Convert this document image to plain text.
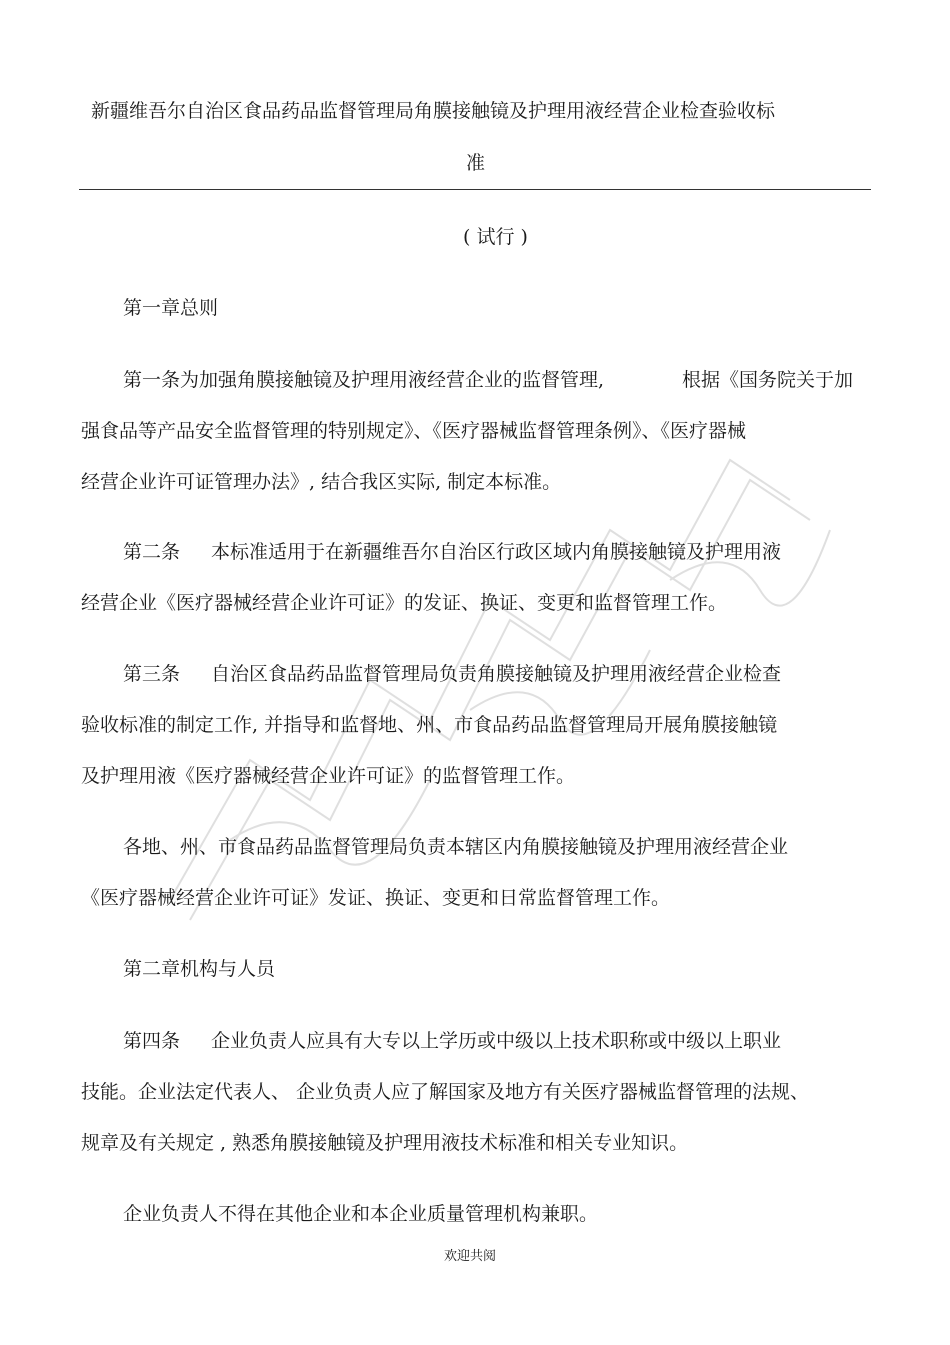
新疆维吾尔自治区食品药品监督管理局角膜接触镜及护理用液经营企业检查验收标
准
( 试行 )
第一章总则
第一条为加强角膜接触镜及护理用液经营企业的监督管理,	根据《国务院关于加
强食品等产品安全监督管理的特别规定》、《医疗器械监督管理条例》、《医疗器械
经营企业许可证管理办法》, 结合我区实际, 制定本标准。
第二条 本标准适用于在新疆维吾尔自治区行政区域内角膜接触镜及护理用液
经营企业《医疗器械经营企业许可证》的发证、换证、变更和监督管理工作。
第三条 自治区食品药品监督管理局负责角膜接触镜及护理用液经营企业检查
验收标准的制定工作, 并指导和监督地、州、市食品药品监督管理局开展角膜接触镜
及护理用液《医疗器械经营企业许可证》的监督管理工作。
各地、州、市食品药品监督管理局负责本辖区内角膜接触镜及护理用液经营企业
《医疗器械经营企业许可证》发证、换证、变更和日常监督管理工作。
第二章机构与人员
第四条 企业负责人应具有大专以上学历或中级以上技术职称或中级以上职业
技能。企业法定代表人、 企业负责人应了解国家及地方有关医疗器械监督管理的法规、
规章及有关规定 , 熟悉角膜接触镜及护理用液技术标准和相关专业知识。
企业负责人不得在其他企业和本企业质量管理机构兼职。
欢迎共阅
